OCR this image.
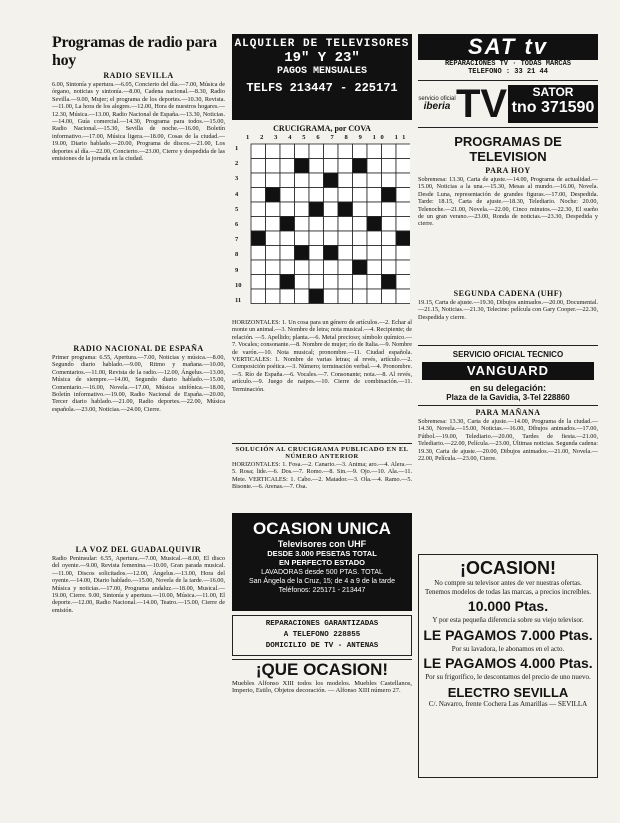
Programas de radio para hoy
RADIO SEVILLA

6.00, Sintonía y apertura.—6.05, Concierto del día.—7.00, Música de órgano, noticias y sintonía.—8.00, Cadena nacional.—8.30, Radio Sevilla.—9.00, Mujer; el programa de los deportes.—10.30, Revista.—11.00, La hora de los alegres.—12.00, Hora de nuestros hogares.—12.30, Música.—13.00, Radio Nacional de España.—13.30, Noticias.—14.00, Guía comercial.—14.30, Programa para todos.—15.00, Radio Nacional.—15.30, Sevilla de noche.—16.00, Boletín informativo.—17.00, Música ligera.—18.00, Cosas de la ciudad.—19.00, Diario hablado.—20.00, Programa de discos.—21.00, Los deportes al día.—22.00, Concierto.—23.00, Cierre y despedida de las emisiones de la jornada en la ciudad.

RADIO NACIONAL DE ESPAÑA

Primer programa: 6.55, Apertura.—7.00, Noticias y música.—8.00, Segundo diario hablado.—9.00, Ritmo y mañana.—10.00, Comentarios.—11.00, Revista de la radio.—12.00, Ángelus.—13.00, Música de siempre.—14.00, Segundo diario hablado.—15.00, Comentario.—16.00, Novela.—17.00, Música sinfónica.—18.00, Boletín informativo.—19.00, Radio Nacional de España.—20.00, Tercer diario hablado.—21.00, Radio deportes.—22.00, Música española.—23.00, Noticias.—24.00, Cierre.

LA VOZ DEL GUADALQUIVIR

Radio Peninsular: 6.55, Apertura.—7.00, Musical.—8.00, El disco del oyente.—9.00, Revista femenina.—10.00, Gran parada musical.—11.00, Discos solicitados.—12.00, Ángelus.—13.00, Hora del oyente.—14.00, Diario hablado.—15.00, Novela de la tarde.—16.00, Música y noticias.—17.00, Programa andaluz.—18.00, Musical.—19.00, Cierre. 9.00, Sintonía y apertura.—10.00, Música.—11.00, El deporte.—12.00, Radio Nacional.—14.00, Teatro.—15.00, Cierre de emisión.

ALQUILER DE TELEVISORES
19" Y 23"
PAGOS MENSUALES
TELFS 213447 - 225171
CRUCIGRAMA, por COVA
1 2 3 4 5 6 7 8 9 10 11
1
2
3
4
5
6
7
8
9
10
11

HORIZONTALES: 1. Un cosa para un género de artículos.—2. Echar al monte un animal.—3. Nombre de letra; nota musical.—4. Recipiente; de relación. —5. Apellido; planta.—6. Metal precioso; símbolo químico.—7. Vocales; consonante.—8. Nombre de mujer; río de Italia.—9. Nombre de varón.—10. Nota musical; pronombre.—11. Ciudad española. VERTICALES: 1. Nombre de varias letras; al revés, artículo.—2. Composición poética.—3. Número; terminación verbal.—4. Pronombre.—5. Río de España.—6. Vocales.—7. Consonante; nota.—8. Al revés, artículo.—9. Juego de naipes.—10. Cierre de combinación.—11. Terminación.

SOLUCIÓN AL CRUCIGRAMA PUBLICADO EN EL NÚMERO ANTERIOR

HORIZONTALES: 1. Fosa.—2. Canario.—3. Anima; aro.—4. Alera.—5. Rosa; lide.—6. Dos.—7. Romo.—8. Sin.—9. Ojo.—10. Ala.—11. Mete. VERTICALES: 1. Cabo.—2. Matador.—3. Ola.—4. Ramo.—5. Bisonte.—6. Arenas.—7. Osa.

OCASION UNICA
Televisores con UHF
DESDE 3.000 PESETAS TOTAL
EN PERFECTO ESTADO
LAVADORAS desde 500 PTAS. TOTAL
San Ángela de la Cruz, 15; de 4 a 9 de la tarde
Teléfonos: 225171 - 213447
REPARACIONES GARANTIZADAS
A TELEFONO 228855
DOMICILIO DE TV - ANTENAS
¡QUE OCASION!

Muebles Alfonso XIII todos los modelos. Muebles Castellanos, Imperio, Estilo, Objetos decoración. — Alfonso XIII número 27.

SAT tv
REPARACIONES TV · TODAS MARCAS
TELEFONO : 33 21 44
servicio oficial
iberia TV	SATOR
tno 371590
PROGRAMAS DE TELEVISION
PARA HOY

Sobremesa: 13.30, Carta de ajuste.—14.00, Programa de actualidad.—15.00, Noticias a la una.—15.30, Mesas al mundo.—16.00, Novela. Desde Luna, representación de grandes figuras.—17.00, Despedida. Tarde: 18.15, Carta de ajuste.—18.30, Telediario. Noche: 20.00, Telenoche.—21.00, Novela.—22.00, Cinco minutos.—22.30, El sueño de un gran verano.—23.00, Ronda de noticias.—23.30, Despedida y cierre.

SEGUNDA CADENA (UHF)

19.15, Carta de ajuste.—19.30, Dibujos animados.—20.00, Documental.—21.15, Noticias.—21.30, Telecine: película con Gary Cooper.—22.30, Despedida y cierre.

SERVICIO OFICIAL TECNICO
VANGUARD
en su delegación:
Plaza de la Gavidia, 3-Tel 228860
PARA MAÑANA

Sobremesa: 13.30, Carta de ajuste.—14.00, Programa de la ciudad.—14.30, Novela.—15.00, Noticias.—16.00, Dibujos animados.—17.00, Fútbol.—19.00, Telediario.—20.00, Tardes de fiesta.—21.00, Telediario.—22.00, Película.—23.00, Últimas noticias. Segunda cadena: 19.30, Carta de ajuste.—20.00, Dibujos animados.—21.00, Novela.—22.00, Película.—23.00, Cierre.

¡OCASION!
No compre su televisor antes de ver nuestras ofertas. Tenemos modelos de todas las marcas, a precios increíbles.
10.000 Ptas.
Y por esta pequeña diferencia sobre su viejo televisor.
LE PAGAMOS 7.000 Ptas.
Por su lavadora, le abonamos en el acto.
LE PAGAMOS 4.000 Ptas.
Por su frigorífico, le descontamos del precio de uno nuevo.
ELECTRO SEVILLA
C/. Navarro, frente Cochera Las Amarillas — SEVILLA
